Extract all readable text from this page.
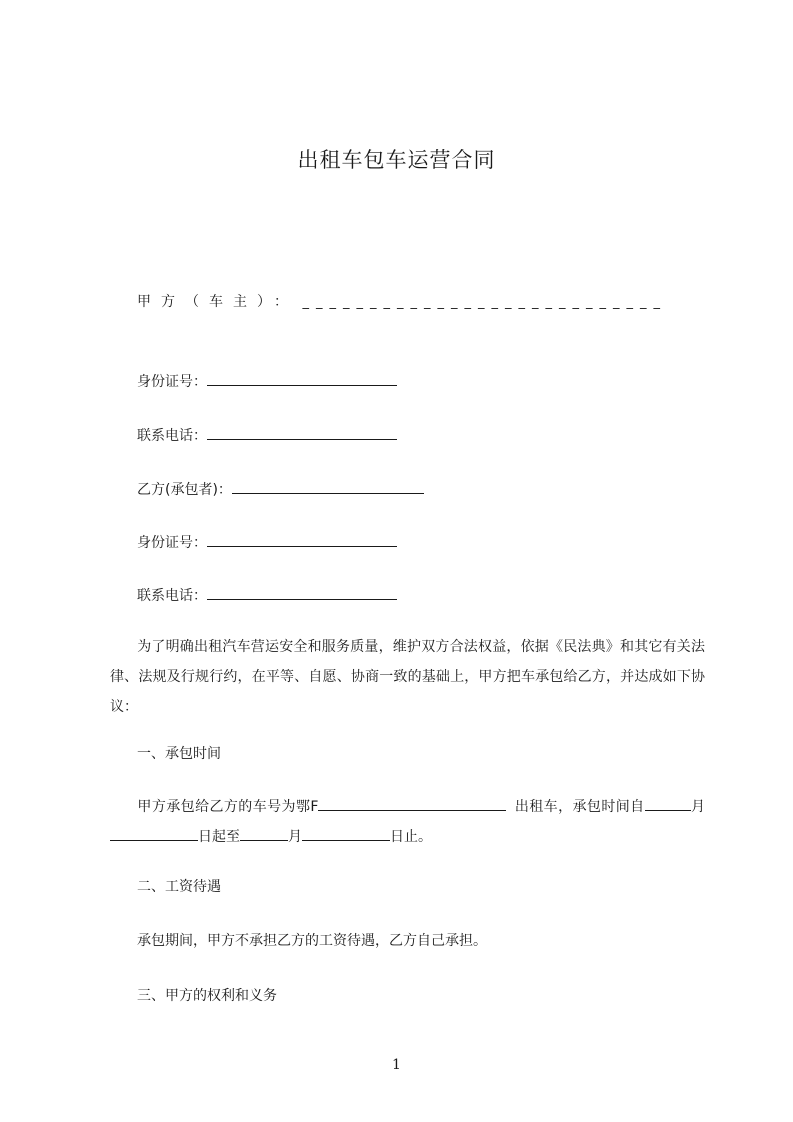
出租车包车运营合同
甲方（车主）： ___________________________
身份证号：
联系电话：
乙方(承包者)：
身份证号：
联系电话：

为了明确出租汽车营运安全和服务质量，维护双方合法权益，依据《民法典》和其它有关法律、法规及行规行约，在平等、自愿、协商一致的基础上，甲方把车承包给乙方，并达成如下协议：

一、承包时间

甲方承包给乙方的车号为鄂F	出租车，承包时间自	月日起至	月	日止。

二、工资待遇
承包期间，甲方不承担乙方的工资待遇，乙方自己承担。
三、甲方的权利和义务
1
